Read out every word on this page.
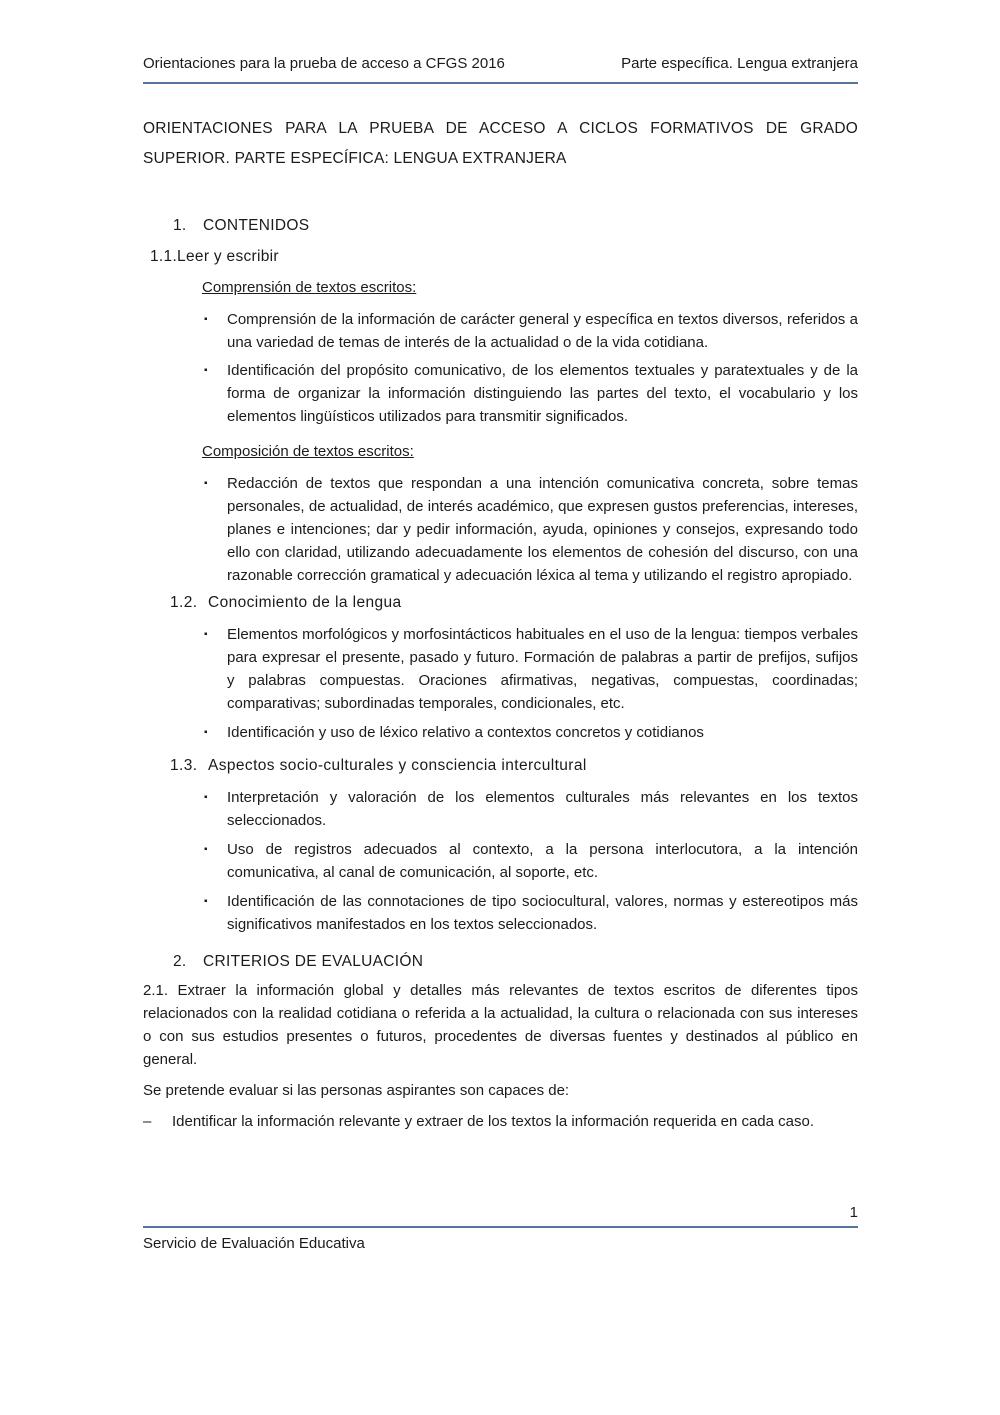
Orientaciones para la prueba de acceso a CFGS 2016	Parte específica. Lengua extranjera
ORIENTACIONES PARA LA PRUEBA DE ACCESO A CICLOS FORMATIVOS DE GRADO SUPERIOR. PARTE ESPECÍFICA: LENGUA EXTRANJERA
1.	CONTENIDOS
1.1.Leer y escribir
Comprensión de textos escritos:
▪	Comprensión de la información de carácter general y específica en textos diversos, referidos a una variedad de temas de interés de la actualidad o de la vida cotidiana.
▪	Identificación del propósito comunicativo, de los elementos textuales y paratextuales y de la forma de organizar la información distinguiendo las partes del texto, el vocabulario y los elementos lingüísticos utilizados para transmitir significados.
Composición de textos escritos:
▪	Redacción de textos que respondan a una intención comunicativa concreta, sobre temas personales, de actualidad, de interés académico, que expresen gustos preferencias, intereses, planes e intenciones; dar y pedir información, ayuda, opiniones y consejos, expresando todo ello con claridad, utilizando adecuadamente los elementos de cohesión del discurso, con una razonable corrección gramatical y adecuación léxica al tema y utilizando el registro apropiado.
1.2. Conocimiento de la lengua
▪	Elementos morfológicos y morfosintácticos habituales en el uso de la lengua: tiempos verbales para expresar el presente, pasado y futuro. Formación de palabras a partir de prefijos, sufijos y palabras compuestas. Oraciones afirmativas, negativas, compuestas, coordinadas; comparativas; subordinadas temporales, condicionales, etc.
▪	Identificación y uso de léxico relativo a contextos concretos y cotidianos
1.3. Aspectos socio-culturales y consciencia intercultural
▪	Interpretación y valoración de los elementos culturales más relevantes en los textos seleccionados.
▪	Uso de registros adecuados al contexto, a la persona interlocutora, a la intención comunicativa, al canal de comunicación, al soporte, etc.
▪	Identificación de las connotaciones de tipo sociocultural, valores, normas y estereotipos más significativos manifestados en los textos seleccionados.
2.	CRITERIOS DE EVALUACIÓN
2.1. Extraer la información global y detalles más relevantes de textos escritos de diferentes tipos relacionados con la realidad cotidiana o referida a la actualidad, la cultura o relacionada con sus intereses o con sus estudios presentes o futuros, procedentes de diversas fuentes y destinados al público en general.
Se pretende evaluar si las personas aspirantes son capaces de:
–	Identificar la información relevante y extraer de los textos la información requerida en cada caso.
1
Servicio de Evaluación Educativa
